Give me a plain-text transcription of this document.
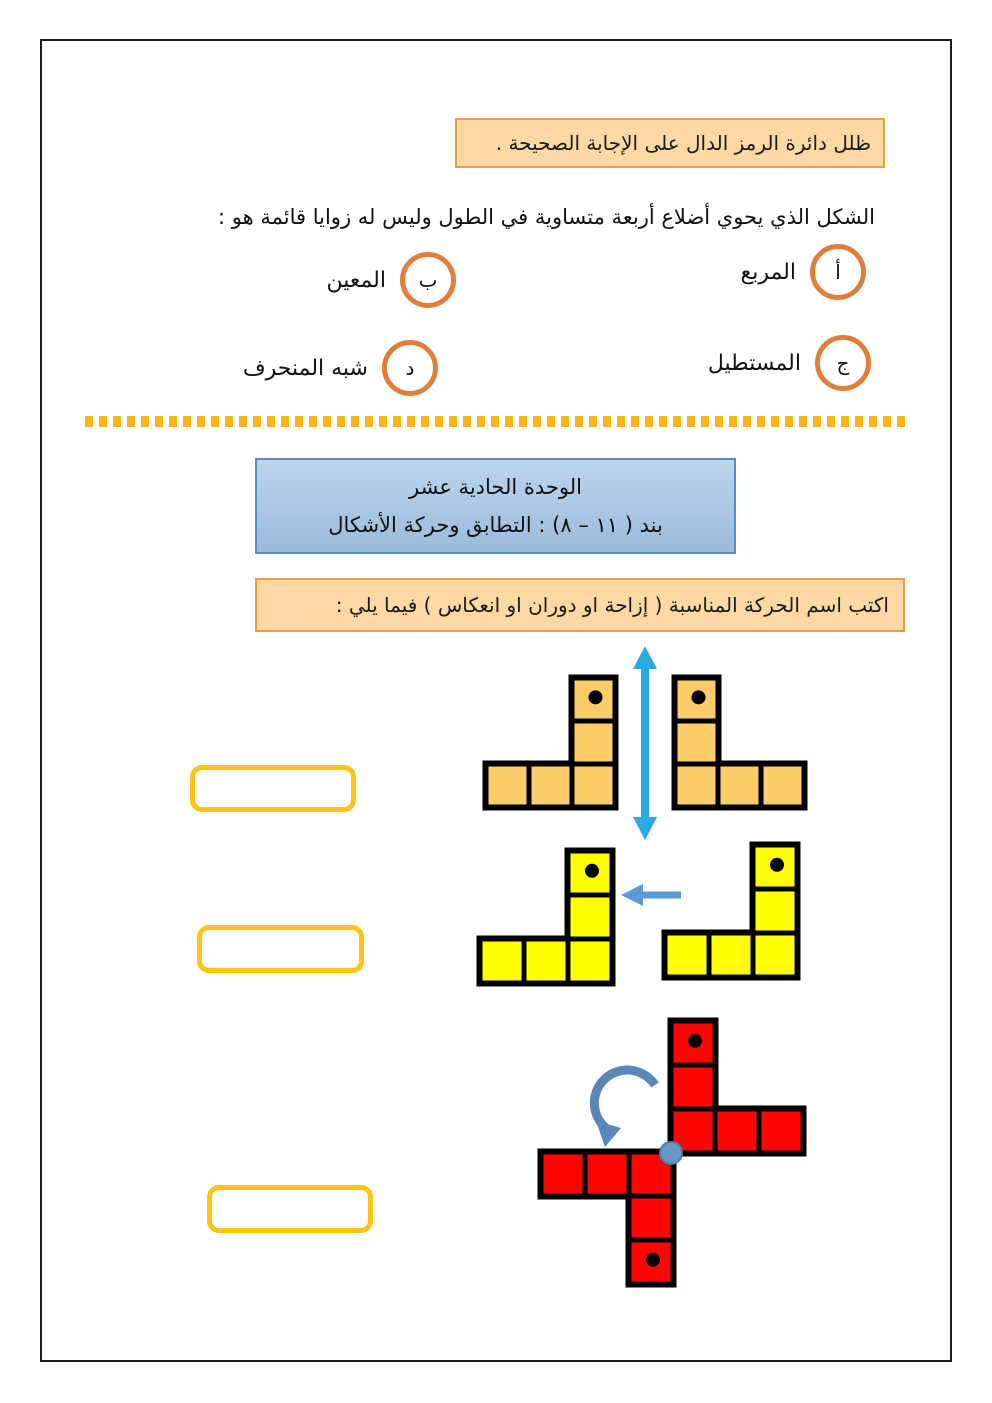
ظلل دائرة الرمز الدال على الإجابة الصحيحة .
الشكل الذي يحوي أضلاع أربعة متساوية في الطول وليس له زوايا قائمة هو :
أ
المربع
ب
المعين
ج
المستطيل
د
شبه المنحرف
الوحدة الحادية عشر
بند ( ١١ – ٨) : التطابق وحركة الأشكال
اكتب اسم الحركة المناسبة ( إزاحة او دوران او انعكاس ) فيما يلي :
